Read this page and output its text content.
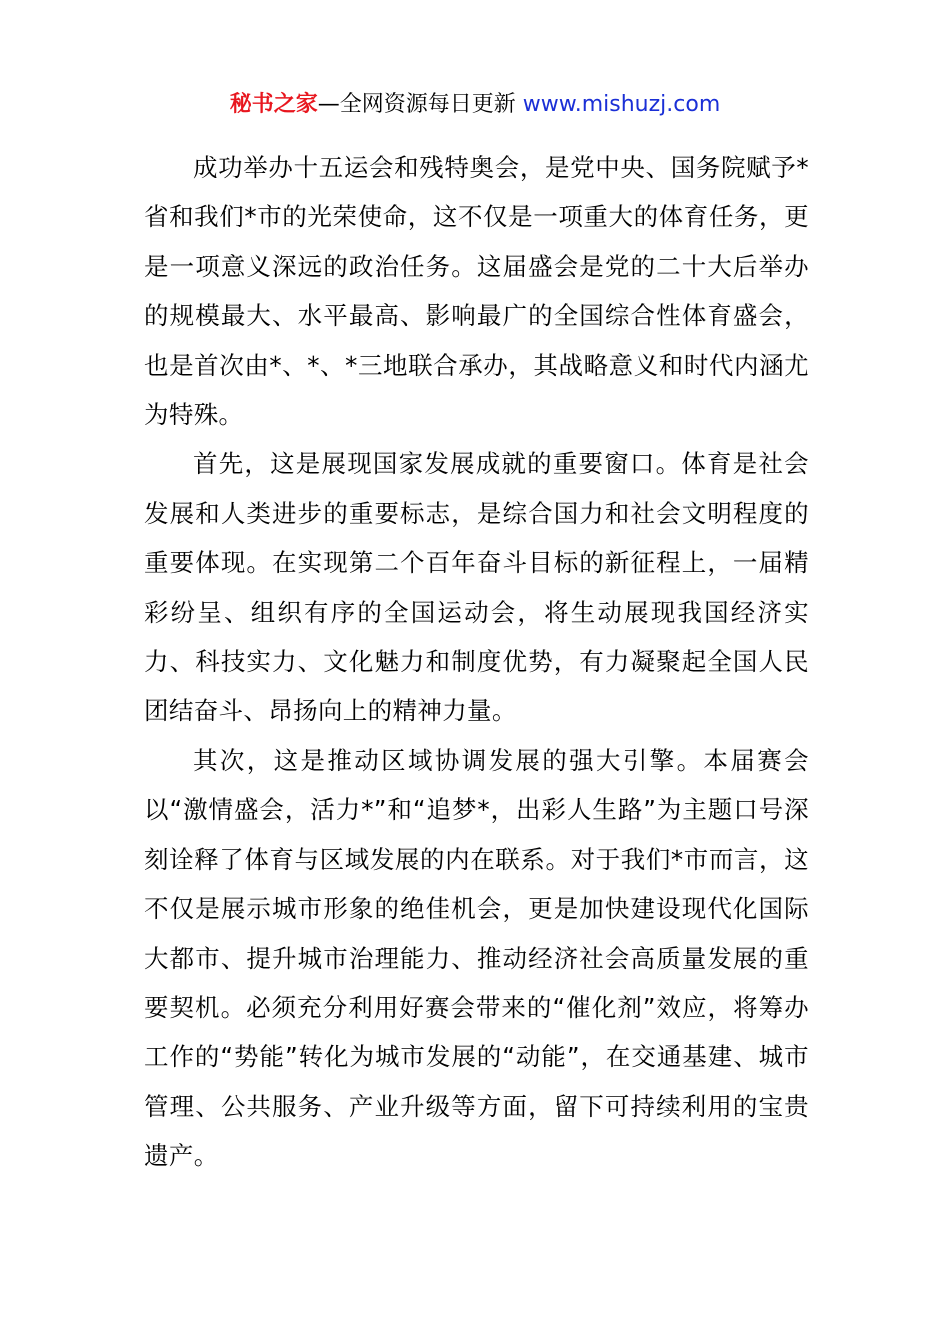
秘书之家—全网资源每日更新 www.mishuzj.com

成功举办十五运会和残特奥会，是党中央、国务院赋予*省和我们*市的光荣使命，这不仅是一项重大的体育任务，更是一项意义深远的政治任务。这届盛会是党的二十大后举办的规模最大、水平最高、影响最广的全国综合性体育盛会，也是首次由*、*、*三地联合承办，其战略意义和时代内涵尤为特殊。

首先，这是展现国家发展成就的重要窗口。体育是社会发展和人类进步的重要标志，是综合国力和社会文明程度的重要体现。在实现第二个百年奋斗目标的新征程上，一届精彩纷呈、组织有序的全国运动会，将生动展现我国经济实力、科技实力、文化魅力和制度优势，有力凝聚起全国人民团结奋斗、昂扬向上的精神力量。

其次，这是推动区域协调发展的强大引擎。本届赛会以“激情盛会，活力*”和“追梦*，出彩人生路”为主题口号深刻诠释了体育与区域发展的内在联系。对于我们*市而言，这不仅是展示城市形象的绝佳机会，更是加快建设现代化国际大都市、提升城市治理能力、推动经济社会高质量发展的重要契机。必须充分利用好赛会带来的“催化剂”效应，将筹办工作的“势能”转化为城市发展的“动能”，在交通基建、城市管理、公共服务、产业升级等方面，留下可持续利用的宝贵遗产。
